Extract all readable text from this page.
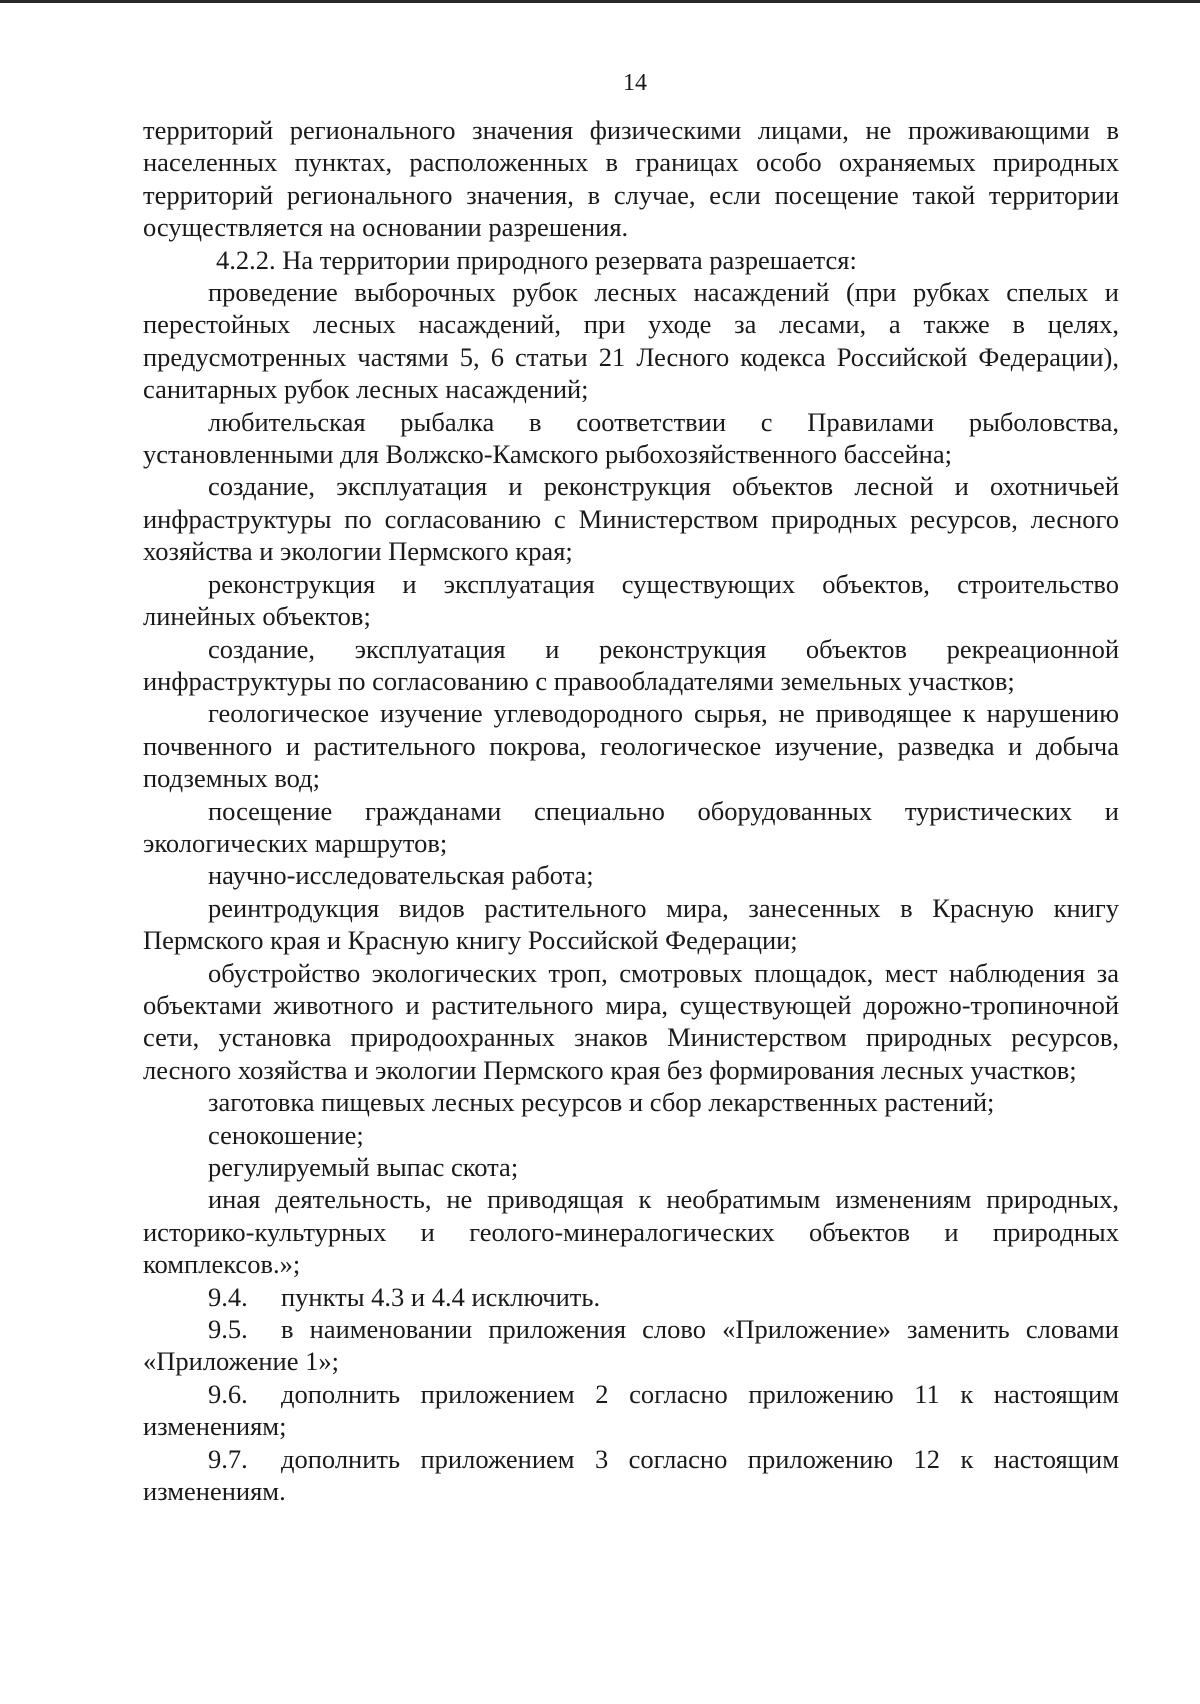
14

территорий регионального значения физическими лицами, не проживающими в населенных пунктах, расположенных в границах особо охраняемых природных территорий регионального значения, в случае, если посещение такой территории осуществляется на основании разрешения.

4.2.2. На территории природного резервата разрешается:

проведение выборочных рубок лесных насаждений (при рубках спелых и перестойных лесных насаждений, при уходе за лесами, а также в целях, предусмотренных частями 5, 6 статьи 21 Лесного кодекса Российской Федерации), санитарных рубок лесных насаждений;

любительская рыбалка в соответствии с Правилами рыболовства, установленными для Волжско-Камского рыбохозяйственного бассейна;

создание, эксплуатация и реконструкция объектов лесной и охотничьей инфраструктуры по согласованию с Министерством природных ресурсов, лесного хозяйства и экологии Пермского края;

реконструкция и эксплуатация существующих объектов, строительство линейных объектов;

создание, эксплуатация и реконструкция объектов рекреационной инфраструктуры по согласованию с правообладателями земельных участков;

геологическое изучение углеводородного сырья, не приводящее к нарушению почвенного и растительного покрова, геологическое изучение, разведка и добыча подземных вод;

посещение гражданами специально оборудованных туристических и экологических маршрутов;

научно-исследовательская работа;

реинтродукция видов растительного мира, занесенных в Красную книгу Пермского края и Красную книгу Российской Федерации;

обустройство экологических троп, смотровых площадок, мест наблюдения за объектами животного и растительного мира, существующей дорожно-тропиночной сети, установка природоохранных знаков Министерством природных ресурсов, лесного хозяйства и экологии Пермского края без формирования лесных участков;

заготовка пищевых лесных ресурсов и сбор лекарственных растений;

сенокошение;

регулируемый выпас скота;

иная деятельность, не приводящая к необратимым изменениям природных, историко-культурных и геолого-минералогических объектов и природных комплексов.»;

9.4. пункты 4.3 и 4.4 исключить.

9.5. в наименовании приложения слово «Приложение» заменить словами «Приложение 1»;

9.6. дополнить приложением 2 согласно приложению 11 к настоящим изменениям;

9.7. дополнить приложением 3 согласно приложению 12 к настоящим изменениям.
